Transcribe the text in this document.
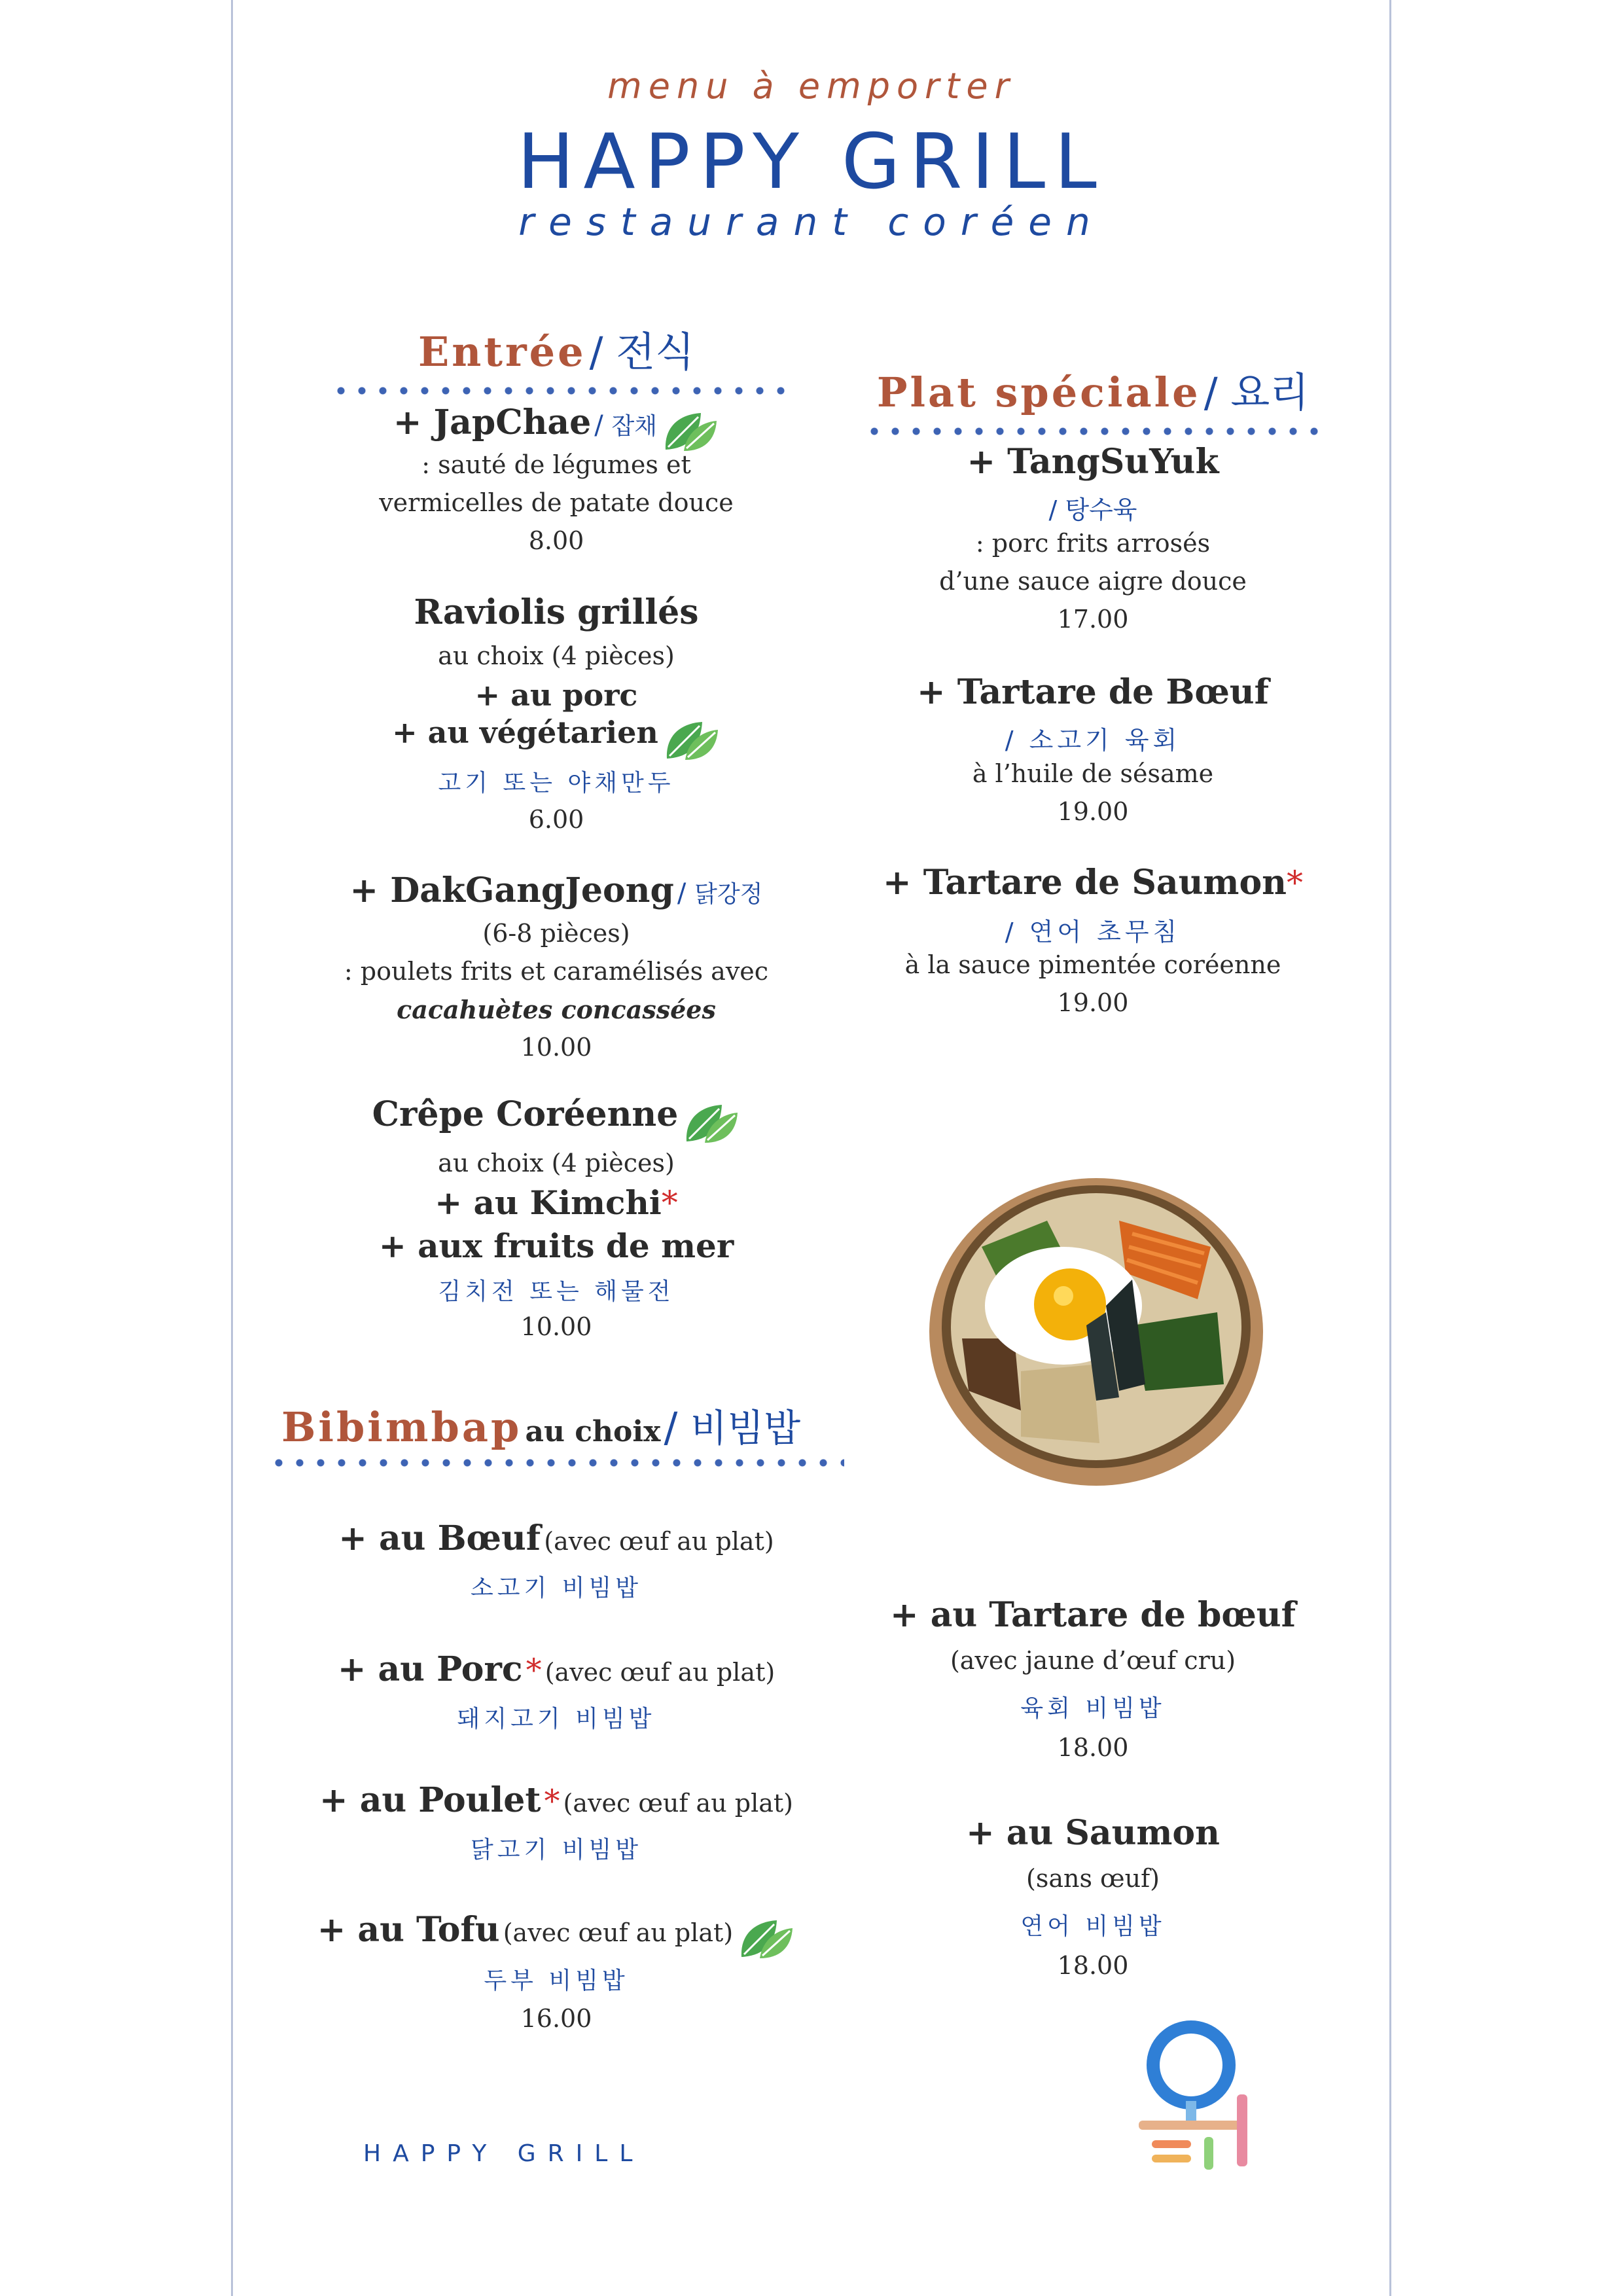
menu à emporter
HAPPY GRILL
restaurant coréen
Entrée / 전식
+ JapChae / 잡채
: sauté de légumes et
vermicelles de patate douce
8.00
Raviolis grillés
au choix (4 pièces)
+ au porc
+ au végétarien
고기 또는 야채만두
6.00
+ DakGangJeong / 닭강정
(6-8 pièces)
: poulets frits et caramélisés avec
cacahuètes concassées
10.00
Crêpe Coréenne
au choix (4 pièces)
+ au Kimchi*
+ aux fruits de mer
김치전 또는 해물전
10.00
Plat spéciale / 요리
+ TangSuYuk
/ 탕수육
: porc frits arrosés
d’une sauce aigre douce
17.00
+ Tartare de Bœuf
/ 소고기 육회
à l’huile de sésame
19.00
+ Tartare de Saumon*
/ 연어 초무침
à la sauce pimentée coréenne
19.00
Bibimbap au choix / 비빔밥
+ au Bœuf (avec œuf au plat)
소고기 비빔밥
+ au Porc * (avec œuf au plat)
돼지고기 비빔밥
+ au Poulet * (avec œuf au plat)
닭고기 비빔밥
+ au Tofu (avec œuf au plat)
두부 비빔밥
16.00
+ au Tartare de bœuf
(avec jaune d’œuf cru)
육회 비빔밥
18.00
+ au Saumon
(sans œuf)
연어 비빔밥
18.00
HAPPY GRILL
